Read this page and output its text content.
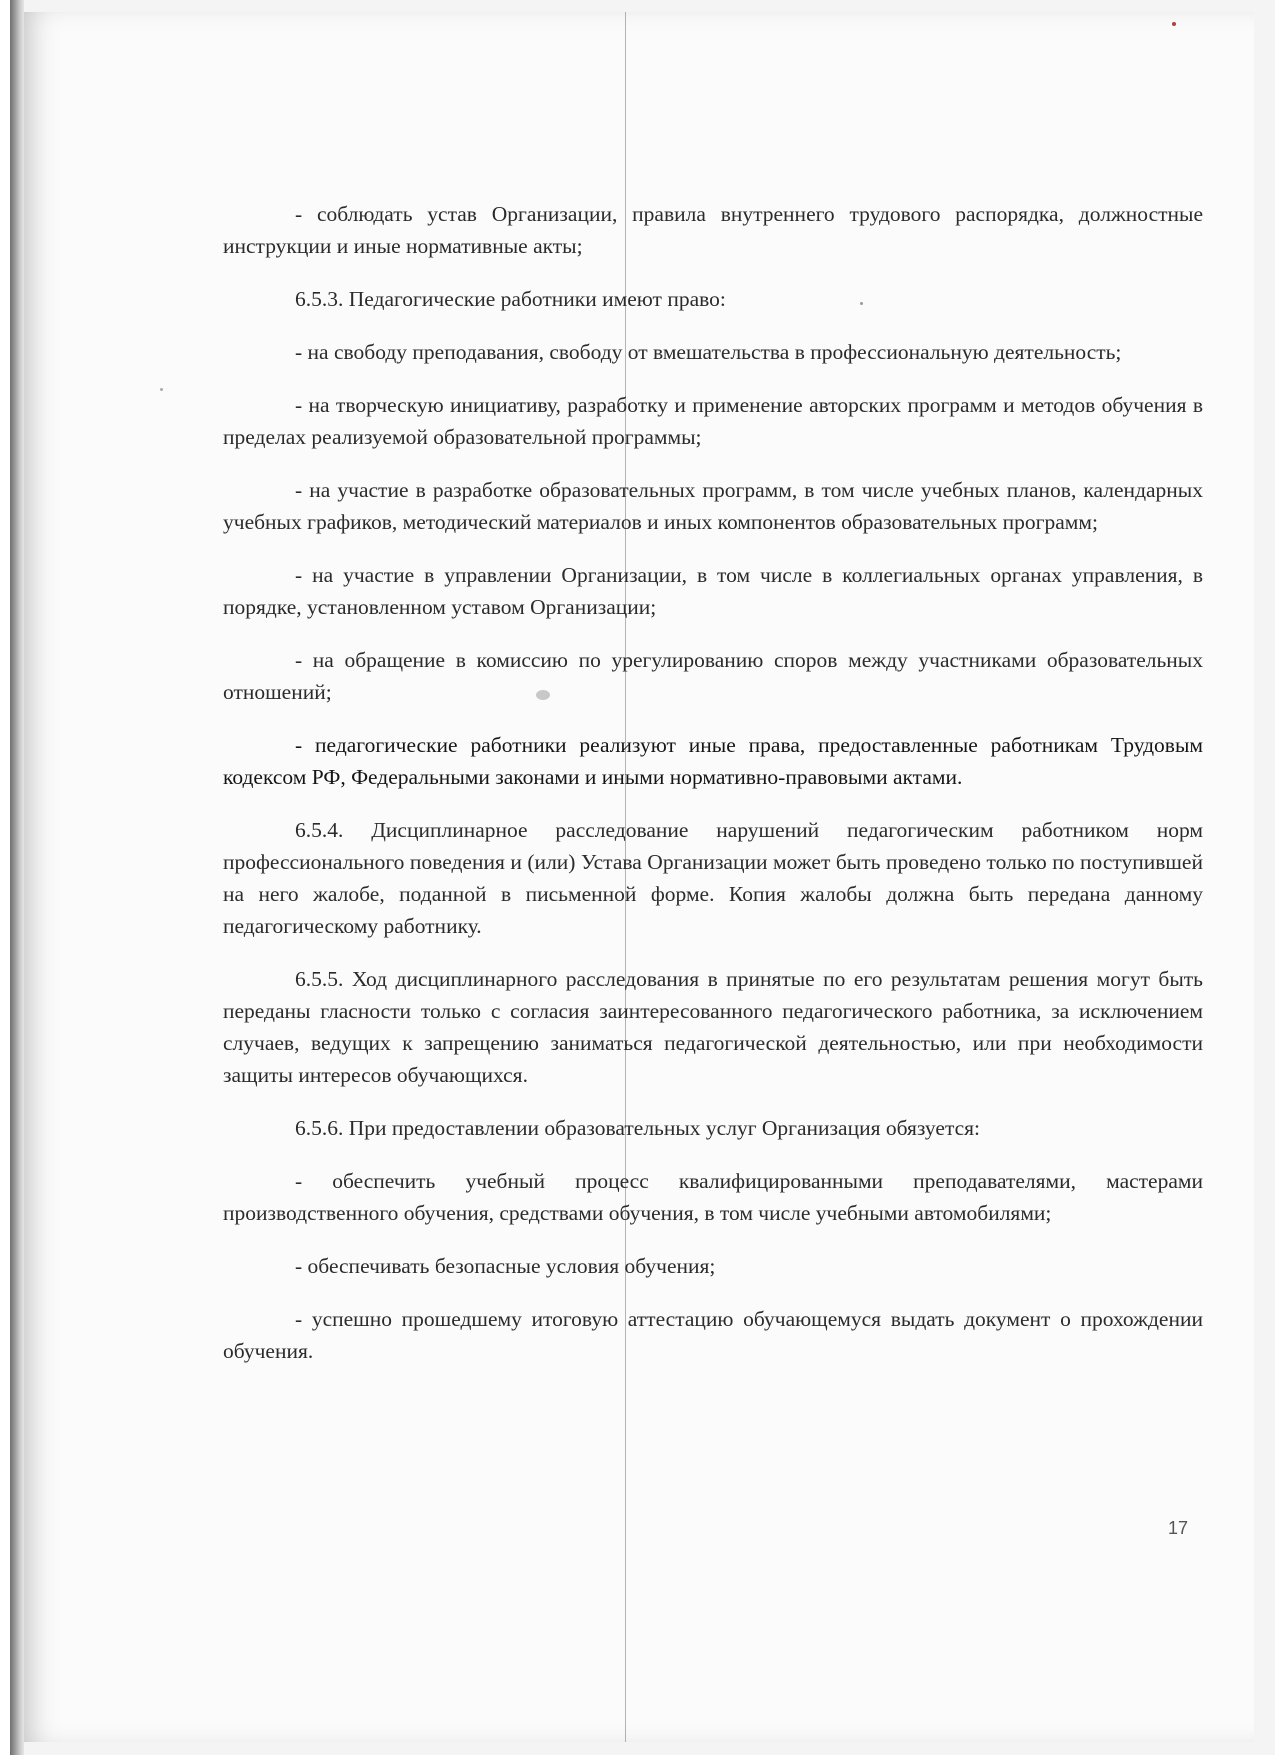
- соблюдать устав Организации, правила внутреннего трудового распорядка, должностные инструкции и иные нормативные акты;

6.5.3. Педагогические работники имеют право:

- на свободу преподавания, свободу от вмешательства в профессиональную деятельность;

- на творческую инициативу, разработку и применение авторских программ и методов обучения в пределах реализуемой образовательной программы;

- на участие в разработке образовательных программ, в том числе учебных планов, календарных учебных графиков, методический материалов и иных компонентов образовательных программ;

- на участие в управлении Организации, в том числе в коллегиальных органах управления, в порядке, установленном уставом Организации;

- на обращение в комиссию по урегулированию споров между участниками образовательных отношений;

- педагогические работники реализуют иные права, предоставленные работникам Трудовым кодексом РФ, Федеральными законами и иными нормативно-правовыми актами.

6.5.4. Дисциплинарное расследование нарушений педагогическим работником норм профессионального поведения и (или) Устава Организации может быть проведено только по поступившей на него жалобе, поданной в письменной форме. Копия жалобы должна быть передана данному педагогическому работнику.

6.5.5. Ход дисциплинарного расследования в принятые по его результатам решения могут быть переданы гласности только с согласия заинтересованного педагогического работника, за исключением случаев, ведущих к запрещению заниматься педагогической деятельностью, или при необходимости защиты интересов обучающихся.

6.5.6. При предоставлении образовательных услуг Организация обязуется:

- обеспечить учебный процесс квалифицированными преподавателями, мастерами производственного обучения, средствами обучения, в том числе учебными автомобилями;

- обеспечивать безопасные условия обучения;

- успешно прошедшему итоговую аттестацию обучающемуся выдать документ о прохождении обучения.

17
